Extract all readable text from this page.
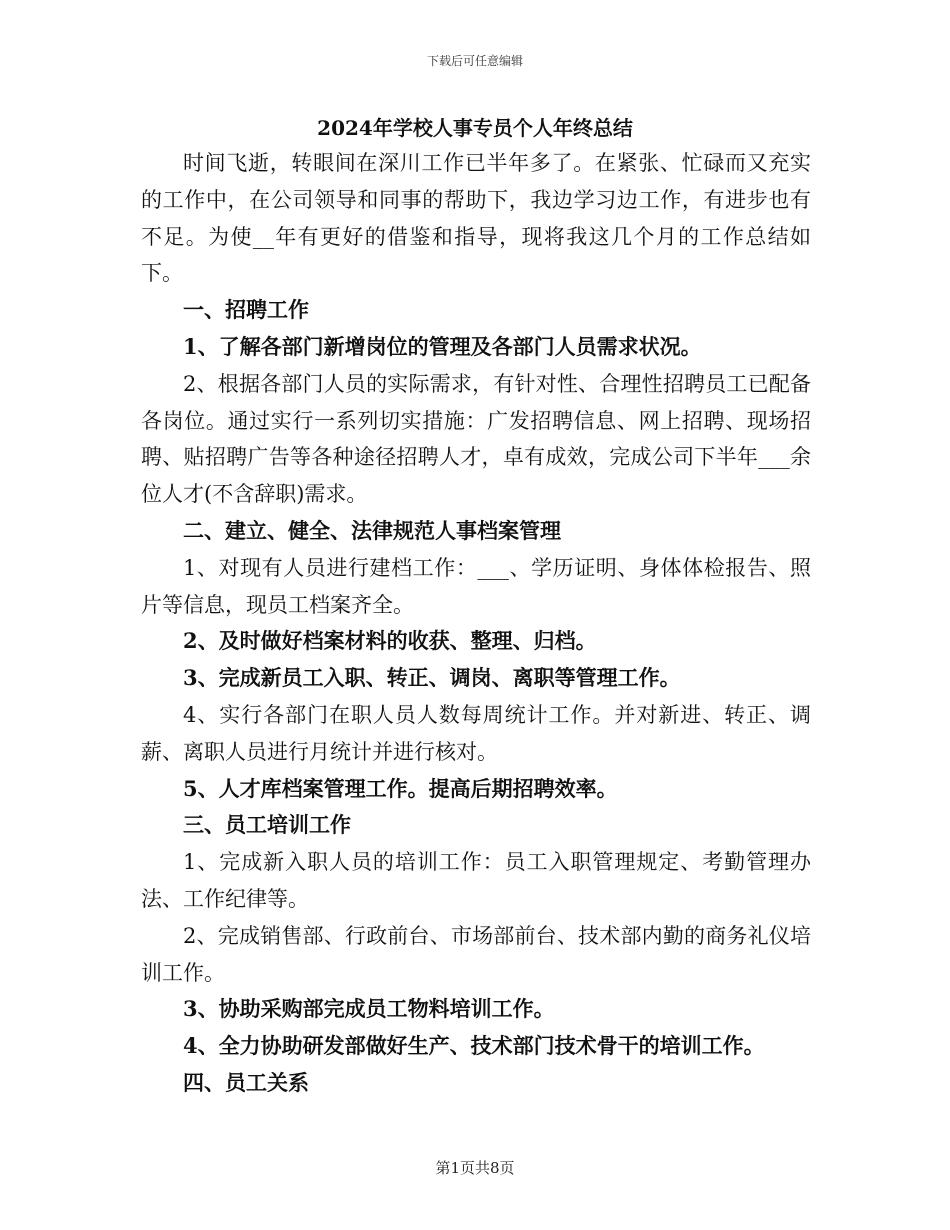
下载后可任意编辑
2024年学校人事专员个人年终总结

时间飞逝，转眼间在深川工作已半年多了。在紧张、忙碌而又充实的工作中，在公司领导和同事的帮助下，我边学习边工作，有进步也有不足。为使__年有更好的借鉴和指导，现将我这几个月的工作总结如下。

一、招聘工作

1、了解各部门新增岗位的管理及各部门人员需求状况。

2、根据各部门人员的实际需求，有针对性、合理性招聘员工已配备各岗位。通过实行一系列切实措施：广发招聘信息、网上招聘、现场招聘、贴招聘广告等各种途径招聘人才，卓有成效，完成公司下半年___余位人才(不含辞职)需求。

二、建立、健全、法律规范人事档案管理

1、对现有人员进行建档工作：___、学历证明、身体体检报告、照片等信息，现员工档案齐全。

2、及时做好档案材料的收获、整理、归档。

3、完成新员工入职、转正、调岗、离职等管理工作。

4、实行各部门在职人员人数每周统计工作。并对新进、转正、调薪、离职人员进行月统计并进行核对。

5、人才库档案管理工作。提高后期招聘效率。

三、员工培训工作

1、完成新入职人员的培训工作：员工入职管理规定、考勤管理办法、工作纪律等。

2、完成销售部、行政前台、市场部前台、技术部内勤的商务礼仪培训工作。

3、协助采购部完成员工物料培训工作。

4、全力协助研发部做好生产、技术部门技术骨干的培训工作。

四、员工关系

第1页共8页
